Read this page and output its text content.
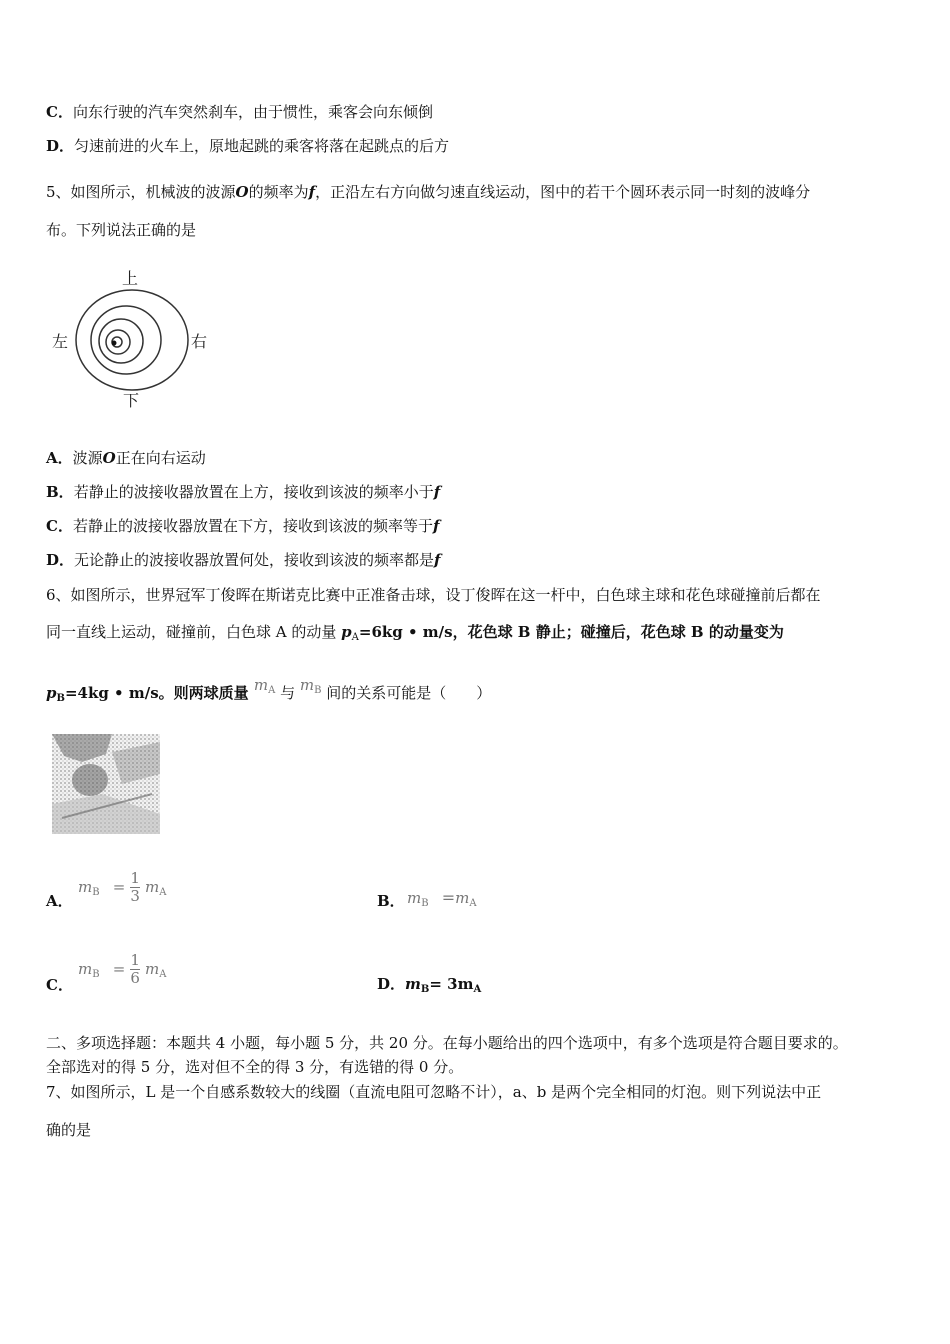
C．向东行驶的汽车突然刹车，由于惯性，乘客会向东倾倒
D．匀速前进的火车上，原地起跳的乘客将落在起跳点的后方
5、如图所示，机械波的波源O的频率为f，正沿左右方向做匀速直线运动，图中的若干个圆环表示同一时刻的波峰分
布。下列说法正确的是
上
左	右
下
A．波源O正在向右运动
B．若静止的波接收器放置在上方，接收到该波的频率小于f
C．若静止的波接收器放置在下方，接收到该波的频率等于f
D．无论静止的波接收器放置何处，接收到该波的频率都是f
6、如图所示，世界冠军丁俊晖在斯诺克比赛中正准备击球，设丁俊晖在这一杆中，白色球主球和花色球碰撞前后都在
同一直线上运动，碰撞前，白色球 A 的动量 $p_A=6kg$ • m/s，花色球 B 静止；碰撞后，花色球 B 的动量变为
$p_B=4kg$ • m/s。则两球质量 $m_A$ 与 $m_B$ 间的关系可能是（　　）
A．
$m_B = \frac{1}{3} m_A$	B． $m_B =m_A$
C．
$m_B = \frac{1}{6} m_A$
D．$m_B= 3m_A$
二、多项选择题：本题共 4 小题，每小题 5 分，共 20 分。在每小题给出的四个选项中，有多个选项是符合题目要求的。
全部选对的得 5 分，选对但不全的得 3 分，有选错的得 0 分。
7、如图所示，L 是一个自感系数较大的线圈（直流电阻可忽略不计），a、b 是两个完全相同的灯泡。则下列说法中正
确的是
